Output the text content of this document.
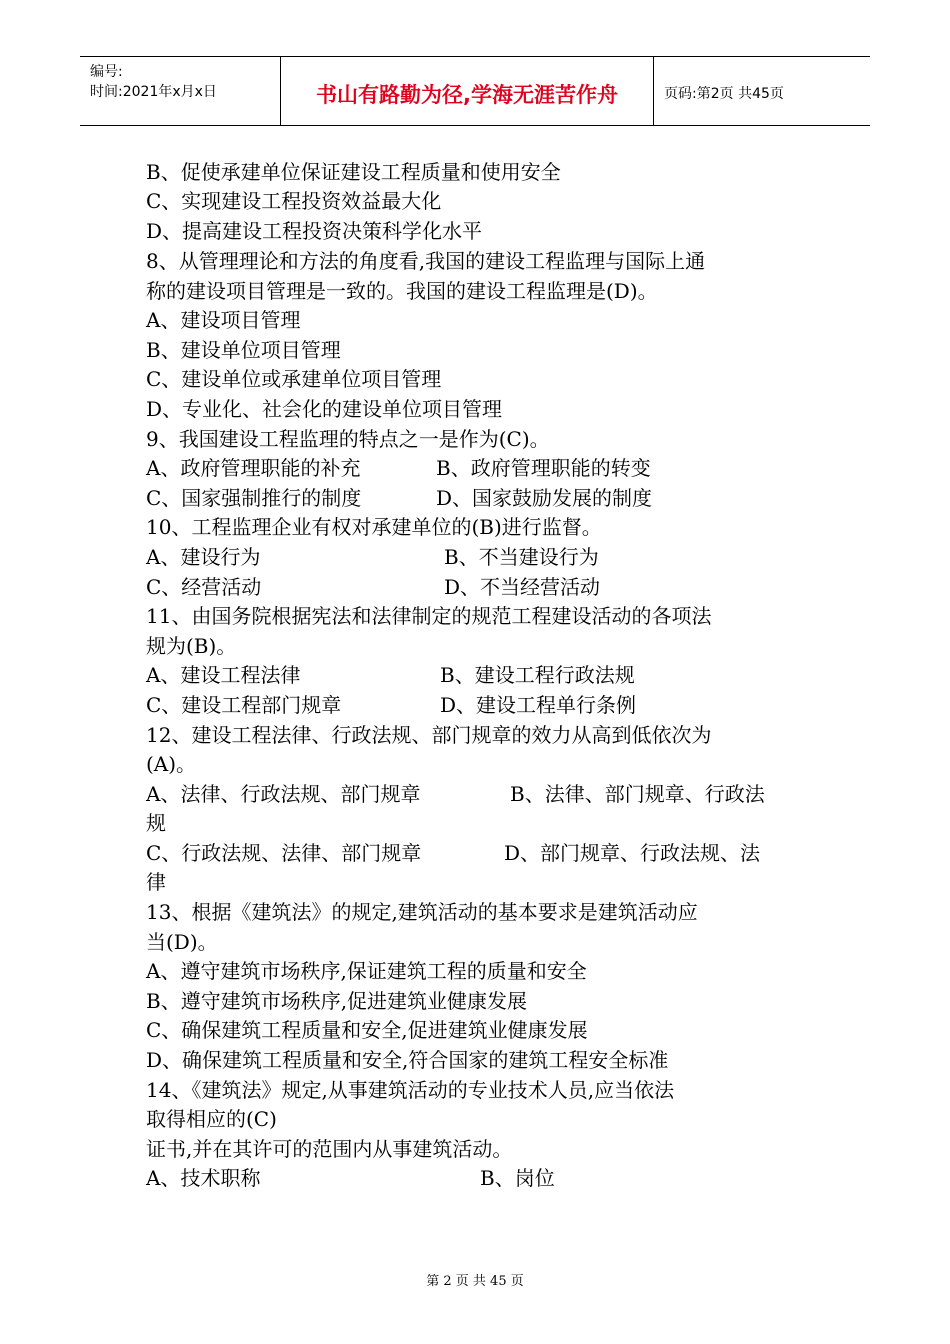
编号:
时间:2021年x月x日	书山有路勤为径,学海无涯苦作舟	页码:第2页 共45页
B、促使承建单位保证建设工程质量和使用安全
C、实现建设工程投资效益最大化
D、提高建设工程投资决策科学化水平
8、从管理理论和方法的角度看,我国的建设工程监理与国际上通
称的建设项目管理是一致的。我国的建设工程监理是(D)。
A、建设项目管理
B、建设单位项目管理
C、建设单位或承建单位项目管理
D、专业化、社会化的建设单位项目管理
9、我国建设工程监理的特点之一是作为(C)。
A、政府管理职能的补充	B、政府管理职能的转变
C、国家强制推行的制度	D、国家鼓励发展的制度
10、工程监理企业有权对承建单位的(B)进行监督。
A、建设行为	B、不当建设行为
C、经营活动	D、不当经营活动
11、由国务院根据宪法和法律制定的规范工程建设活动的各项法
规为(B)。
A、建设工程法律	B、建设工程行政法规
C、建设工程部门规章	D、建设工程单行条例
12、建设工程法律、行政法规、部门规章的效力从高到低依次为
(A)。
A、法律、行政法规、部门规章	B、法律、部门规章、行政法
规
C、行政法规、法律、部门规章	D、部门规章、行政法规、法
律
13、根据《建筑法》的规定,建筑活动的基本要求是建筑活动应
当(D)。
A、遵守建筑市场秩序,保证建筑工程的质量和安全
B、遵守建筑市场秩序,促进建筑业健康发展
C、确保建筑工程质量和安全,促进建筑业健康发展
D、确保建筑工程质量和安全,符合国家的建筑工程安全标准
14、《建筑法》规定,从事建筑活动的专业技术人员,应当依法
取得相应的(C)
证书,并在其许可的范围内从事建筑活动。
A、技术职称	B、岗位
第 2 页 共 45 页
